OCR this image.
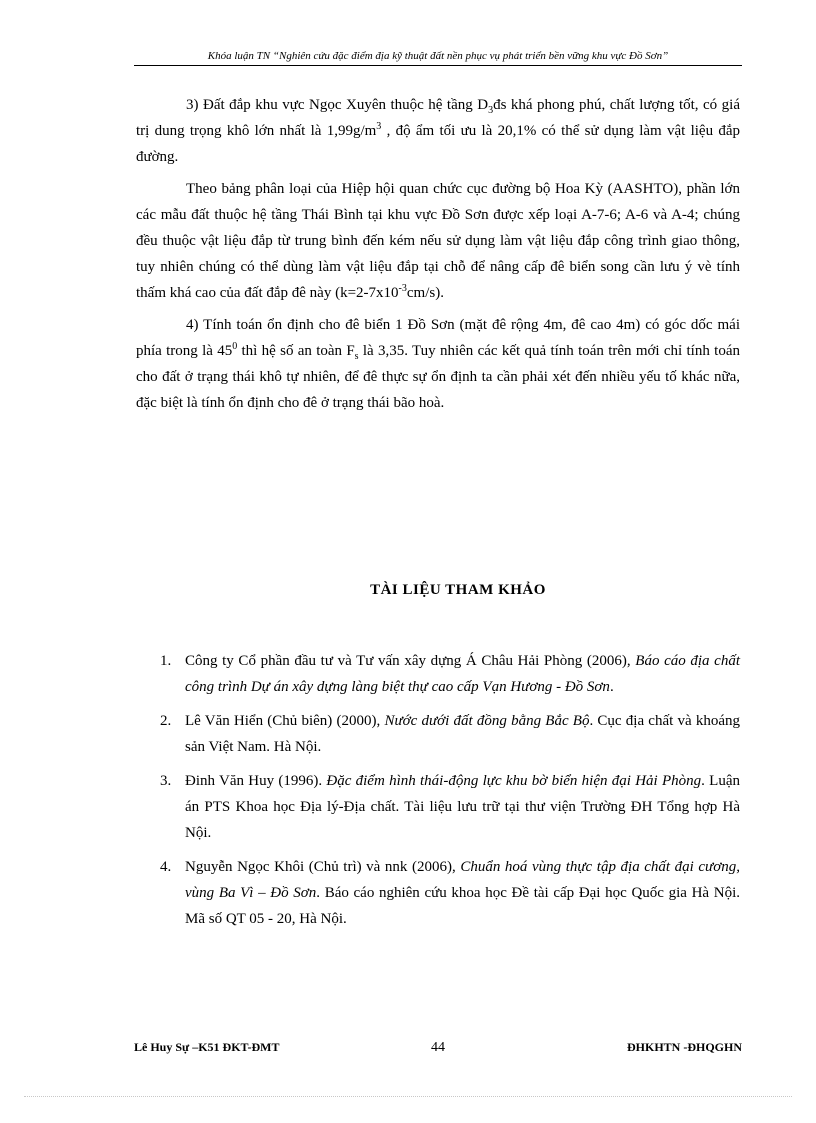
Khóa luận TN “Nghiên cứu đặc điểm địa kỹ thuật đất nền phục vụ phát triển bền vững khu vực Đồ Sơn”

3) Đất đắp khu vực Ngọc Xuyên thuộc hệ tầng $D_3đs$ khá phong phú, chất lượng tốt, có giá trị dung trọng khô lớn nhất là $1,99g/m^3$ , độ ẩm tối ưu là 20,1% có thể sử dụng làm vật liệu đắp đường.

Theo bảng phân loại của Hiệp hội quan chức cục đường bộ Hoa Kỳ (AASHTO), phần lớn các mẫu đất thuộc hệ tầng Thái Bình tại khu vực Đồ Sơn được xếp loại A-7-6; A-6 và A-4; chúng đều thuộc vật liệu đắp từ trung bình đến kém nếu sử dụng làm vật liệu đắp công trình giao thông, tuy nhiên chúng có thể dùng làm vật liệu đắp tại chỗ để nâng cấp đê biển song cần lưu ý vè tính thấm khá cao của đất đắp đê này $(k=2-7x10^{-3}cm/s)$.

4) Tính toán ổn định cho đê biển 1 Đồ Sơn (mặt đê rộng 4m, đê cao 4m) có góc dốc mái phía trong là $45^0$ thì hệ số an toàn $F_s$ là 3,35. Tuy nhiên các kết quả tính toán trên mới chỉ tính toán cho đất ở trạng thái khô tự nhiên, để đê thực sự ổn định ta cần phải xét đến nhiều yếu tố khác nữa, đặc biệt là tính ổn định cho đê ở trạng thái bão hoà.

TÀI LIỆU THAM KHẢO
1. Công ty Cổ phần đầu tư và Tư vấn xây dựng Á Châu Hải Phòng (2006), Báo cáo địa chất công trình Dự án xây dựng làng biệt thự cao cấp Vạn Hương - Đồ Sơn.
2. Lê Văn Hiển (Chủ biên) (2000), Nước dưới đất đồng bằng Bắc Bộ. Cục địa chất và khoáng sản Việt Nam. Hà Nội.
3. Đinh Văn Huy (1996). Đặc điểm hình thái-động lực khu bờ biển hiện đại Hải Phòng. Luận án PTS Khoa học Địa lý-Địa chất. Tài liệu lưu trữ tại thư viện Trường ĐH Tổng hợp Hà Nội.
4. Nguyễn Ngọc Khôi (Chủ trì) và nnk (2006), Chuẩn hoá vùng thực tập địa chất đại cương, vùng Ba Vì – Đồ Sơn. Báo cáo nghiên cứu khoa học Đề tài cấp Đại học Quốc gia Hà Nội. Mã số QT 05 - 20, Hà Nội.
Lê Huy Sự –K51 ĐKT-ĐMT	44	ĐHKHTN -ĐHQGHN
